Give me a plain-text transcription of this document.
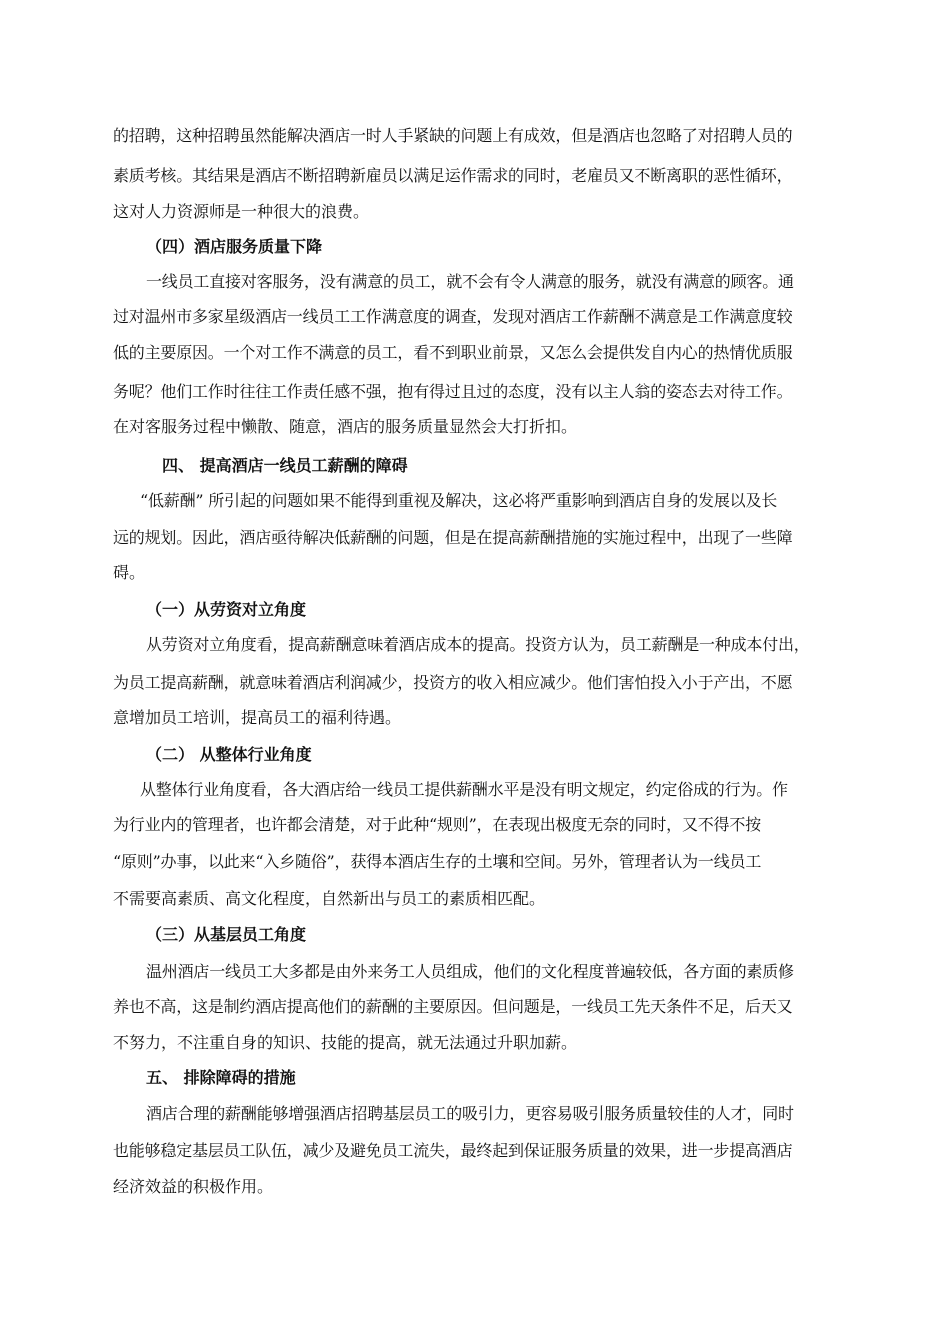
的招聘，这种招聘虽然能解决酒店一时人手紧缺的问题上有成效，但是酒店也忽略了对招聘人员的
素质考核。其结果是酒店不断招聘新雇员以满足运作需求的同时，老雇员又不断离职的恶性循环，
这对人力资源师是一种很大的浪费。
（四）酒店服务质量下降
一线员工直接对客服务，没有满意的员工，就不会有令人满意的服务，就没有满意的顾客。通
过对温州市多家星级酒店一线员工工作满意度的调查，发现对酒店工作薪酬不满意是工作满意度较
低的主要原因。一个对工作不满意的员工，看不到职业前景，又怎么会提供发自内心的热情优质服
务呢？他们工作时往往工作责任感不强，抱有得过且过的态度，没有以主人翁的姿态去对待工作。
在对客服务过程中懒散、随意，酒店的服务质量显然会大打折扣。
四、 提高酒店一线员工薪酬的障碍
“低薪酬” 所引起的问题如果不能得到重视及解决，这必将严重影响到酒店自身的发展以及长
远的规划。因此，酒店亟待解决低薪酬的问题，但是在提高薪酬措施的实施过程中，出现了一些障
碍。
（一）从劳资对立角度
从劳资对立角度看，提高薪酬意味着酒店成本的提高。投资方认为，员工薪酬是一种成本付出，
为员工提高薪酬，就意味着酒店利润减少，投资方的收入相应减少。他们害怕投入小于产出，不愿
意增加员工培训，提高员工的福利待遇。
（二） 从整体行业角度
从整体行业角度看，各大酒店给一线员工提供薪酬水平是没有明文规定，约定俗成的行为。作
为行业内的管理者，也许都会清楚，对于此种“规则”，在表现出极度无奈的同时，又不得不按
“原则”办事，以此来“入乡随俗”，获得本酒店生存的土壤和空间。另外，管理者认为一线员工
不需要高素质、高文化程度，自然新出与员工的素质相匹配。
（三）从基层员工角度
温州酒店一线员工大多都是由外来务工人员组成，他们的文化程度普遍较低，各方面的素质修
养也不高，这是制约酒店提高他们的薪酬的主要原因。但问题是，一线员工先天条件不足，后天又
不努力，不注重自身的知识、技能的提高，就无法通过升职加薪。
五、 排除障碍的措施
酒店合理的薪酬能够增强酒店招聘基层员工的吸引力，更容易吸引服务质量较佳的人才，同时
也能够稳定基层员工队伍，减少及避免员工流失，最终起到保证服务质量的效果，进一步提高酒店
经济效益的积极作用。
